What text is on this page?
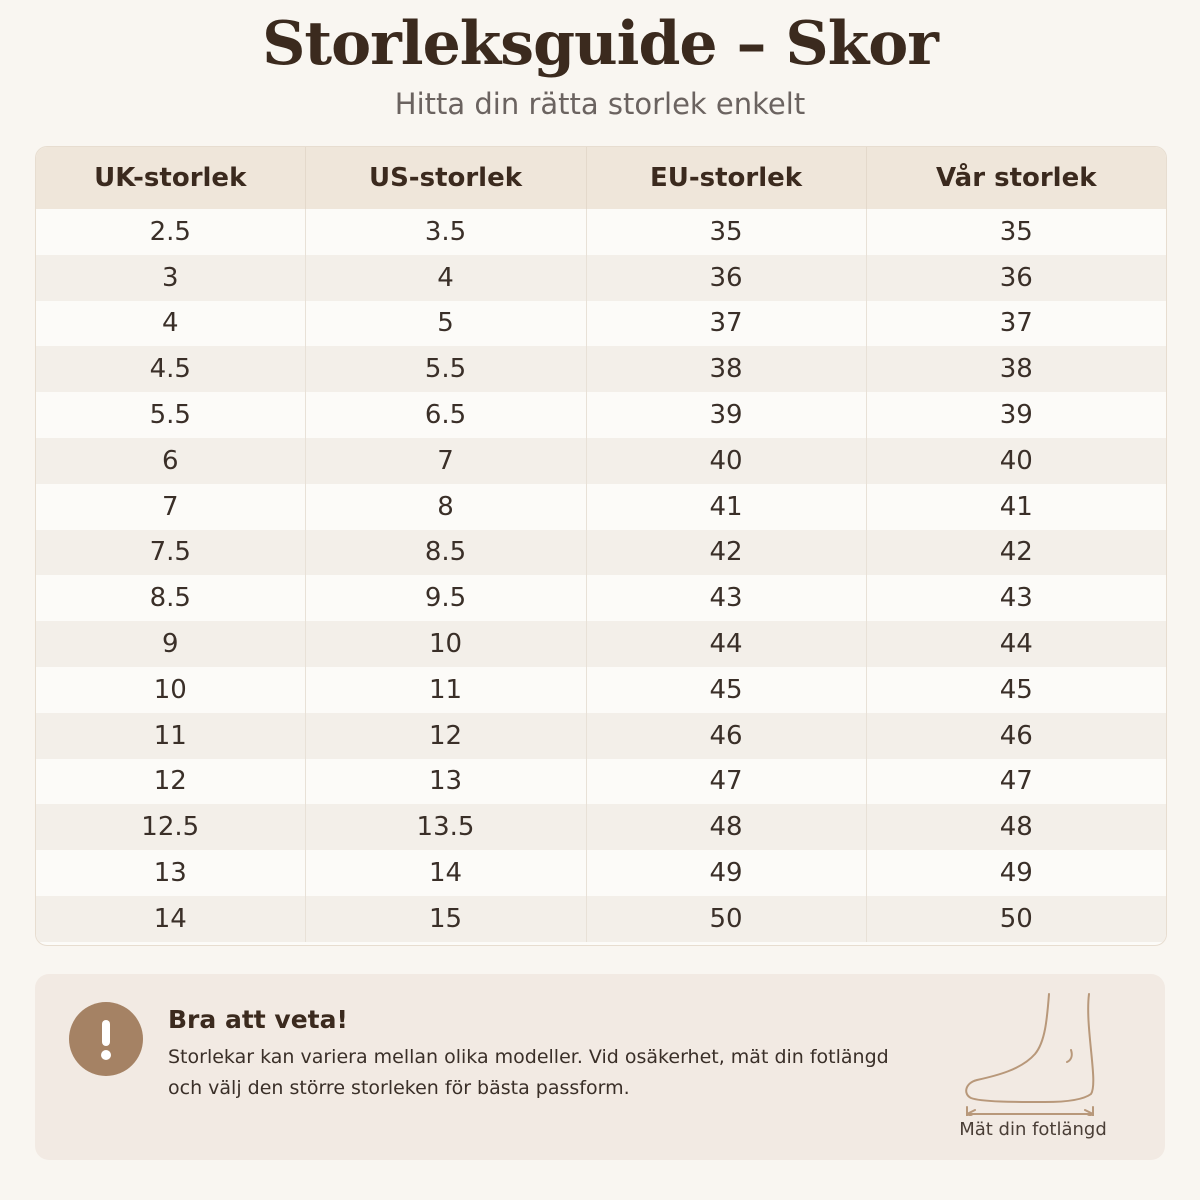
Storleksguide – Skor
Hitta din rätta storlek enkelt
UK-storlek	US-storlek	EU-storlek	Vår storlek
2.5	3.5	35	35
3	4	36	36
4	5	37	37
4.5	5.5	38	38
5.5	6.5	39	39
6	7	40	40
7	8	41	41
7.5	8.5	42	42
8.5	9.5	43	43
9	10	44	44
10	11	45	45
11	12	46	46
12	13	47	47
12.5	13.5	48	48
13	14	49	49
14	15	50	50
Bra att veta!
Storlekar kan variera mellan olika modeller. Vid osäkerhet, mät din fotlängd
och välj den större storleken för bästa passform.
Mät din fotlängd
